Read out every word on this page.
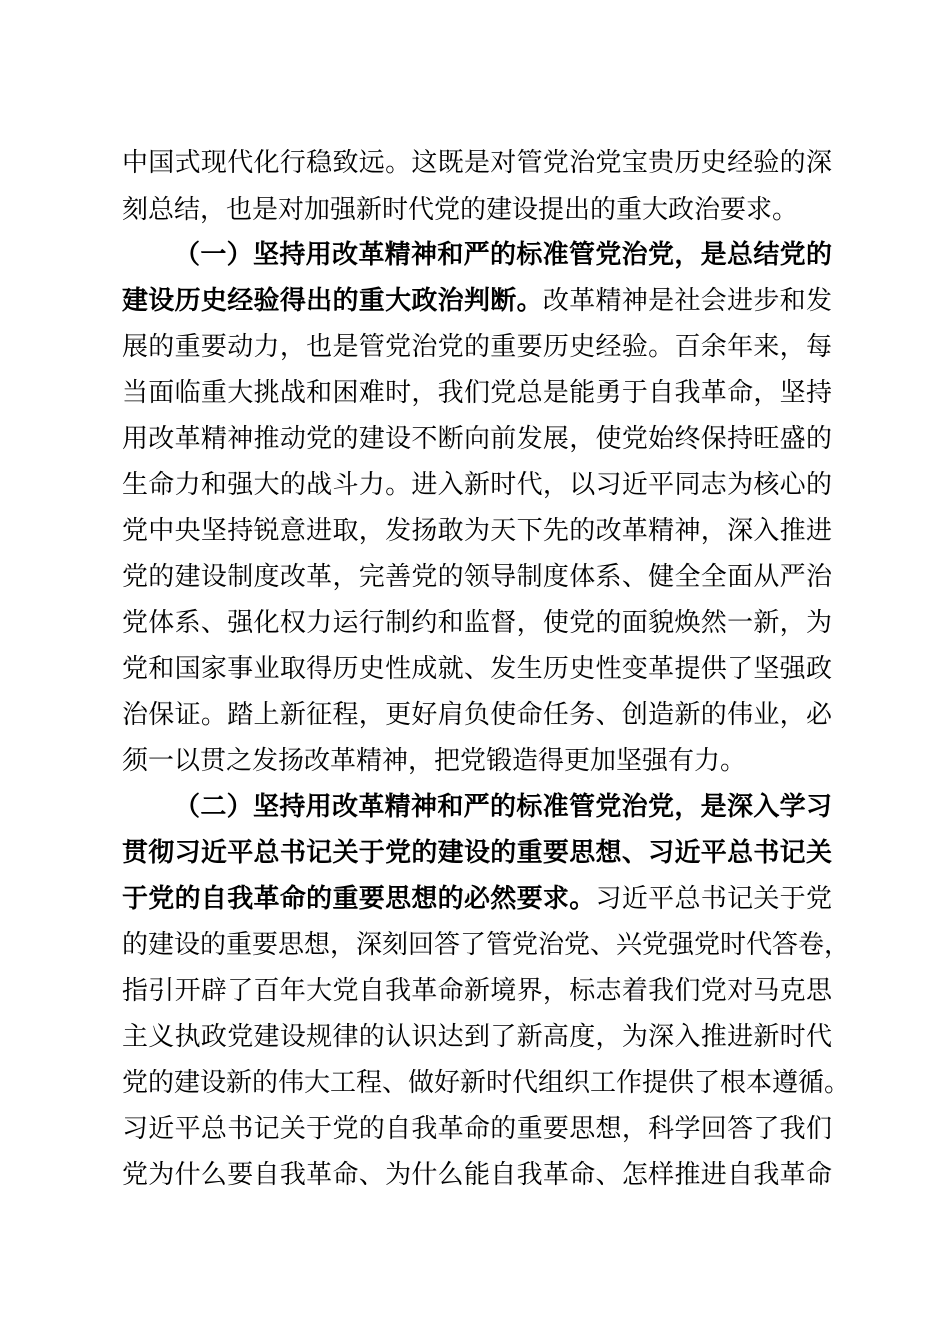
中国式现代化行稳致远。这既是对管党治党宝贵历史经验的深
刻总结，也是对加强新时代党的建设提出的重大政治要求。
（一）坚持用改革精神和严的标准管党治党，是总结党的
建设历史经验得出的重大政治判断。改革精神是社会进步和发
展的重要动力，也是管党治党的重要历史经验。百余年来，每
当面临重大挑战和困难时，我们党总是能勇于自我革命，坚持
用改革精神推动党的建设不断向前发展，使党始终保持旺盛的
生命力和强大的战斗力。进入新时代，以习近平同志为核心的
党中央坚持锐意进取，发扬敢为天下先的改革精神，深入推进
党的建设制度改革，完善党的领导制度体系、健全全面从严治
党体系、强化权力运行制约和监督，使党的面貌焕然一新，为
党和国家事业取得历史性成就、发生历史性变革提供了坚强政
治保证。踏上新征程，更好肩负使命任务、创造新的伟业，必
须一以贯之发扬改革精神，把党锻造得更加坚强有力。
（二）坚持用改革精神和严的标准管党治党，是深入学习
贯彻习近平总书记关于党的建设的重要思想、习近平总书记关
于党的自我革命的重要思想的必然要求。习近平总书记关于党
的建设的重要思想，深刻回答了管党治党、兴党强党时代答卷，
指引开辟了百年大党自我革命新境界，标志着我们党对马克思
主义执政党建设规律的认识达到了新高度，为深入推进新时代
党的建设新的伟大工程、做好新时代组织工作提供了根本遵循。
习近平总书记关于党的自我革命的重要思想，科学回答了我们
党为什么要自我革命、为什么能自我革命、怎样推进自我革命
